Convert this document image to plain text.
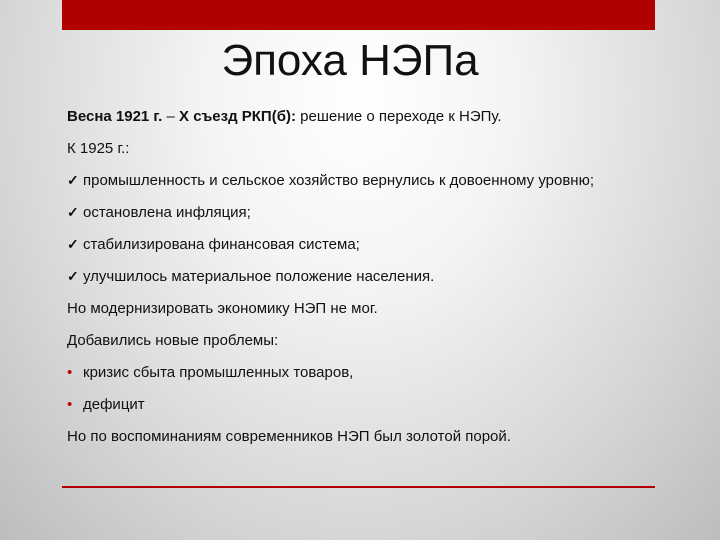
Эпоха НЭПа

Весна 1921 г. – X съезд РКП(б): решение о переходе к НЭПу.

К 1925 г.:

✓ промышленность и сельское хозяйство вернулись к довоенному уровню;
✓ остановлена инфляция;
✓ стабилизирована финансовая система;
✓ улучшилось материальное положение населения.

Но модернизировать экономику НЭП не мог.

Добавились новые проблемы:

• кризис сбыта промышленных товаров,
• дефицит

Но по воспоминаниям современников НЭП был золотой порой.
